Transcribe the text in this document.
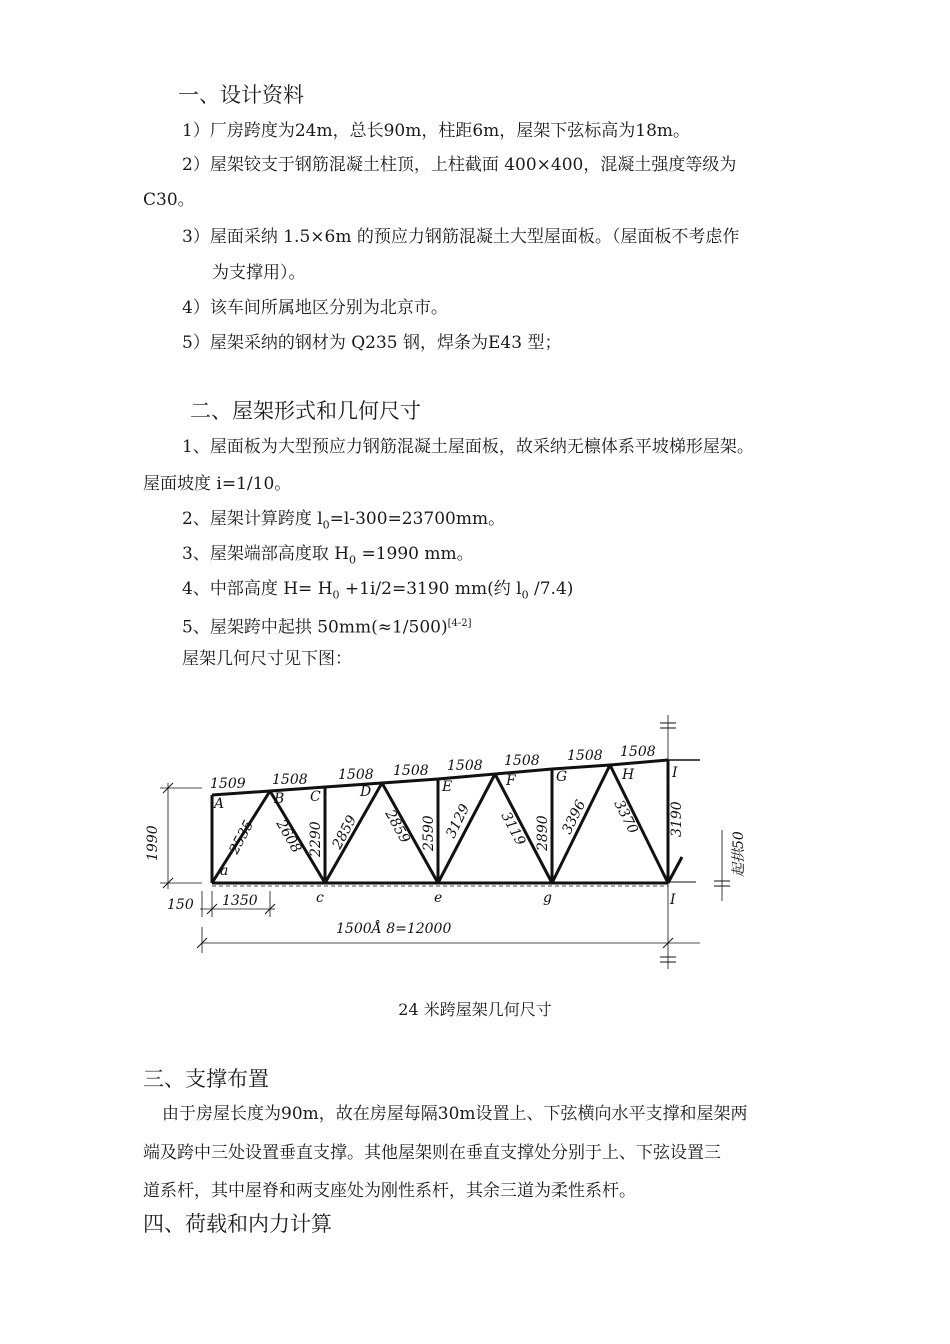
一、设计资料
1）厂房跨度为24m，总长90m，柱距6m，屋架下弦标高为18m。
2）屋架铰支于钢筋混凝土柱顶，上柱截面 400×400，混凝土强度等级为
C30。
3）屋面采纳 1.5×6m 的预应力钢筋混凝土大型屋面板。（屋面板不考虑作
为支撑用）。
4）该车间所属地区分别为北京市。
5）屋架采纳的钢材为 Q235 钢，焊条为E43 型；
二、屋架形式和几何尺寸
1、屋面板为大型预应力钢筋混凝土屋面板，故采纳无檩体系平坡梯形屋架。
屋面坡度 i=1/10。
2、屋架计算跨度 $l_0=l-300=23700mm$。
3、屋架端部高度取 $H_0 =1990$ mm。
4、中部高度 $H= H_0 +1i/2=3190$ mm(约 $l_0$ /7.4)
5、屋架跨中起拱 50mm(≈1/500)[4-2]
屋架几何尺寸见下图：
1509 1508 1508 1508 1508 1508 1508 1508
A	B C	D	E	F	G	H	I
a
c	e	g	I
2535 2608 2290 2859 2859 2590 3129 3119 2890 3396 3370 3190
1990
150 1350
1500Å 8=12000
起拱50
24 米跨屋架几何尺寸
三、支撑布置
由于房屋长度为90m，故在房屋每隔30m设置上、下弦横向水平支撑和屋架两
端及跨中三处设置垂直支撑。其他屋架则在垂直支撑处分别于上、下弦设置三
道系杆，其中屋脊和两支座处为刚性系杆，其余三道为柔性系杆。
四、荷载和内力计算
